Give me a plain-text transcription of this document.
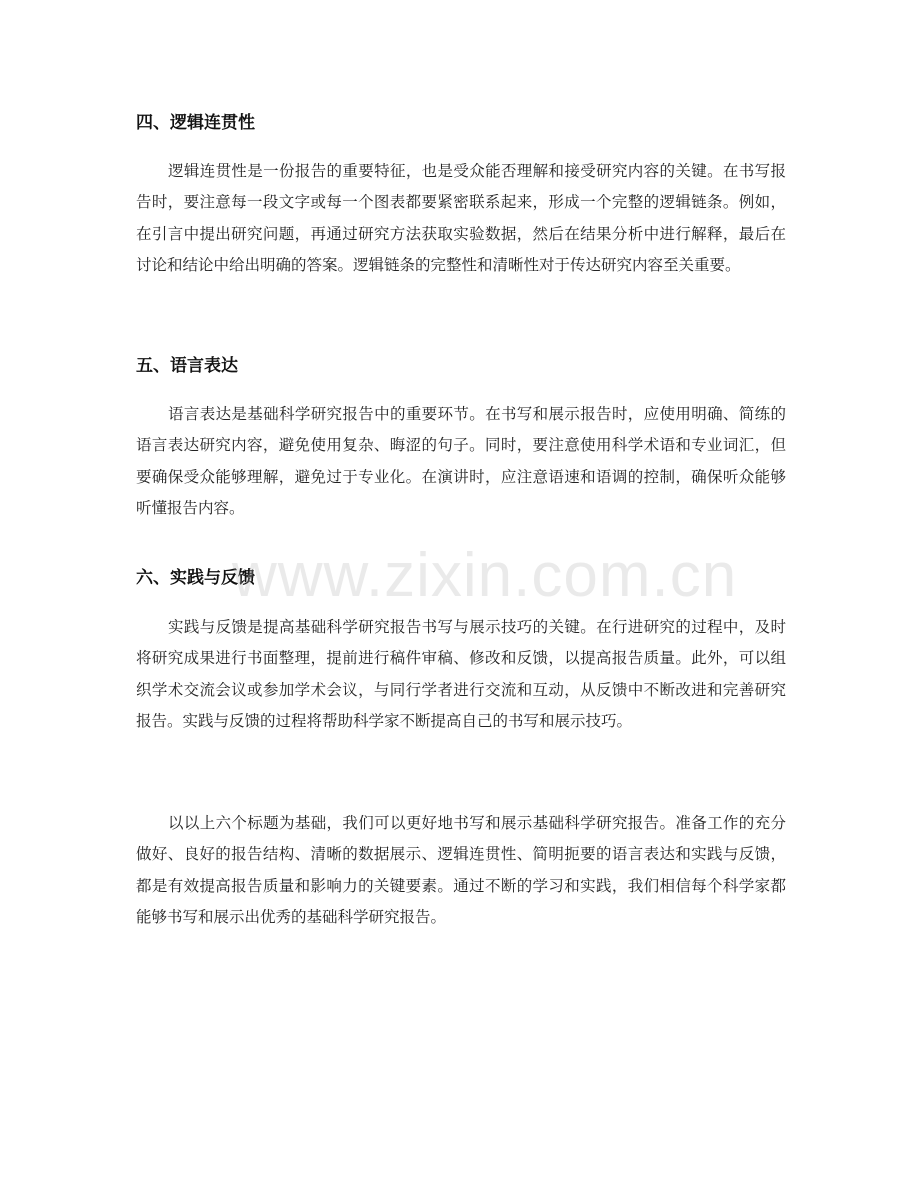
四、逻辑连贯性

逻辑连贯性是一份报告的重要特征，也是受众能否理解和接受研究内容的关键。在书写报告时，要注意每一段文字或每一个图表都要紧密联系起来，形成一个完整的逻辑链条。例如，在引言中提出研究问题，再通过研究方法获取实验数据，然后在结果分析中进行解释，最后在讨论和结论中给出明确的答案。逻辑链条的完整性和清晰性对于传达研究内容至关重要。

五、语言表达

语言表达是基础科学研究报告中的重要环节。在书写和展示报告时，应使用明确、简练的语言表达研究内容，避免使用复杂、晦涩的句子。同时，要注意使用科学术语和专业词汇，但要确保受众能够理解，避免过于专业化。在演讲时，应注意语速和语调的控制，确保听众能够听懂报告内容。

六、实践与反馈

实践与反馈是提高基础科学研究报告书写与展示技巧的关键。在行进研究的过程中，及时将研究成果进行书面整理，提前进行稿件审稿、修改和反馈，以提高报告质量。此外，可以组织学术交流会议或参加学术会议，与同行学者进行交流和互动，从反馈中不断改进和完善研究报告。实践与反馈的过程将帮助科学家不断提高自己的书写和展示技巧。

以以上六个标题为基础，我们可以更好地书写和展示基础科学研究报告。准备工作的充分做好、良好的报告结构、清晰的数据展示、逻辑连贯性、简明扼要的语言表达和实践与反馈，都是有效提高报告质量和影响力的关键要素。通过不断的学习和实践，我们相信每个科学家都能够书写和展示出优秀的基础科学研究报告。

www.zixin.com.cn
